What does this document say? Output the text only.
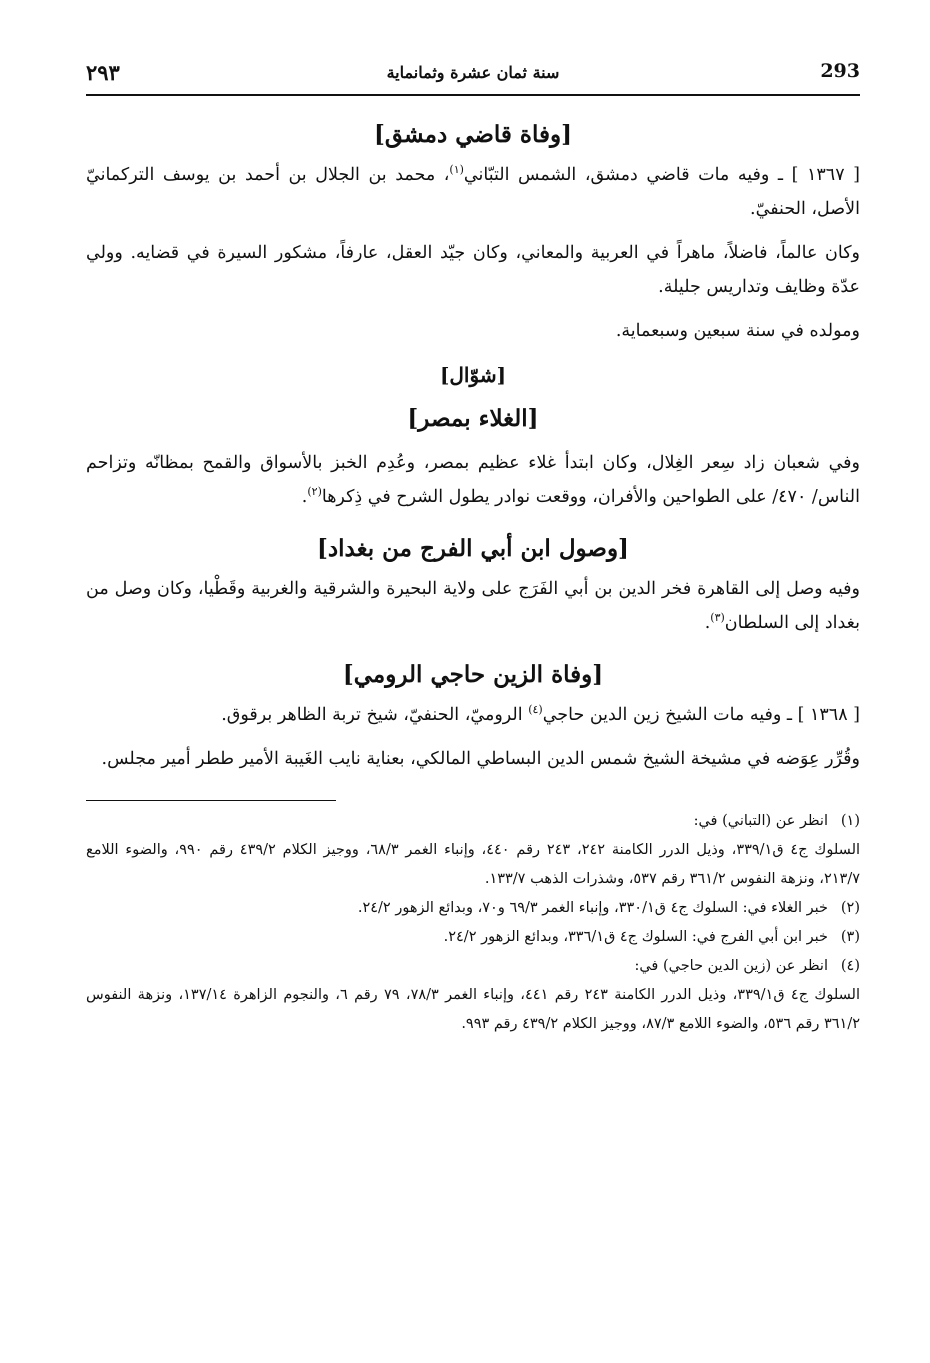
293
سنة ثمان عشرة وثمانماية
٢٩٣
[وفاة قاضي دمشق]

[ ١٣٦٧ ] ـ وفيه مات قاضي دمشق، الشمس التبّاني$^{(١)}$، محمد بن الجلال بن أحمد بن يوسف التركمانيّ الأصل، الحنفيّ.

وكان عالماً، فاضلاً، ماهراً في العربية والمعاني، وكان جيّد العقل، عارفاً، مشكور السيرة في قضايه. وولي عدّة وظايف وتداريس جليلة.

ومولده في سنة سبعين وسبعماية.

[شوّال]
[الغلاء بمصر]

وفي شعبان زاد سِعر الغِلال، وكان ابتدأ غلاء عظيم بمصر، وعُدِم الخبز بالأسواق والقمح بمظانّه وتزاحم الناس/ ٤٧٠/ على الطواحين والأفران، ووقعت نوادر يطول الشرح في ذِكرها$^{(٢)}$.

[وصول ابن أبي الفرج من بغداد]

وفيه وصل إلى القاهرة فخر الدين بن أبي الفَرَج على ولاية البحيرة والشرقية والغربية وقَطْيا، وكان وصل من بغداد إلى السلطان$^{(٣)}$.

[وفاة الزين حاجي الرومي]

[ ١٣٦٨ ] ـ وفيه مات الشيخ زين الدين حاجي$^{(٤)}$ الروميّ، الحنفيّ، شيخ تربة الظاهر برقوق.

وقُرِّر عِوَضه في مشيخة الشيخ شمس الدين البساطي المالكي، بعناية نايب الغَيبة الأمير ططر أمير مجلس.

(١)انظر عن (التباني) في:
السلوك ج٤ ق٣٣٩/١، وذيل الدرر الكامنة ٢٤٢، ٢٤٣ رقم ٤٤٠، وإنباء الغمر ٦٨/٣، ووجيز الكلام ٤٣٩/٢ رقم ٩٩٠، والضوء اللامع ٢١٣/٧، ونزهة النفوس ٣٦١/٢ رقم ٥٣٧، وشذرات الذهب ١٣٣/٧.
(٢)خبر الغلاء في: السلوك ج٤ ق٣٣٠/١، وإنباء الغمر ٦٩/٣ و٧٠، وبدائع الزهور ٢٤/٢.
(٣)خبر ابن أبي الفرج في: السلوك ج٤ ق٣٣٦/١، وبدائع الزهور ٢٤/٢.
(٤)انظر عن (زين الدين حاجي) في:
السلوك ج٤ ق٣٣٩/١، وذيل الدرر الكامنة ٢٤٣ رقم ٤٤١، وإنباء الغمر ٧٨/٣، ٧٩ رقم ٦، والنجوم الزاهرة ١٣٧/١٤، ونزهة النفوس ٣٦١/٢ رقم ٥٣٦، والضوء اللامع ٨٧/٣، ووجيز الكلام ٤٣٩/٢ رقم ٩٩٣.
